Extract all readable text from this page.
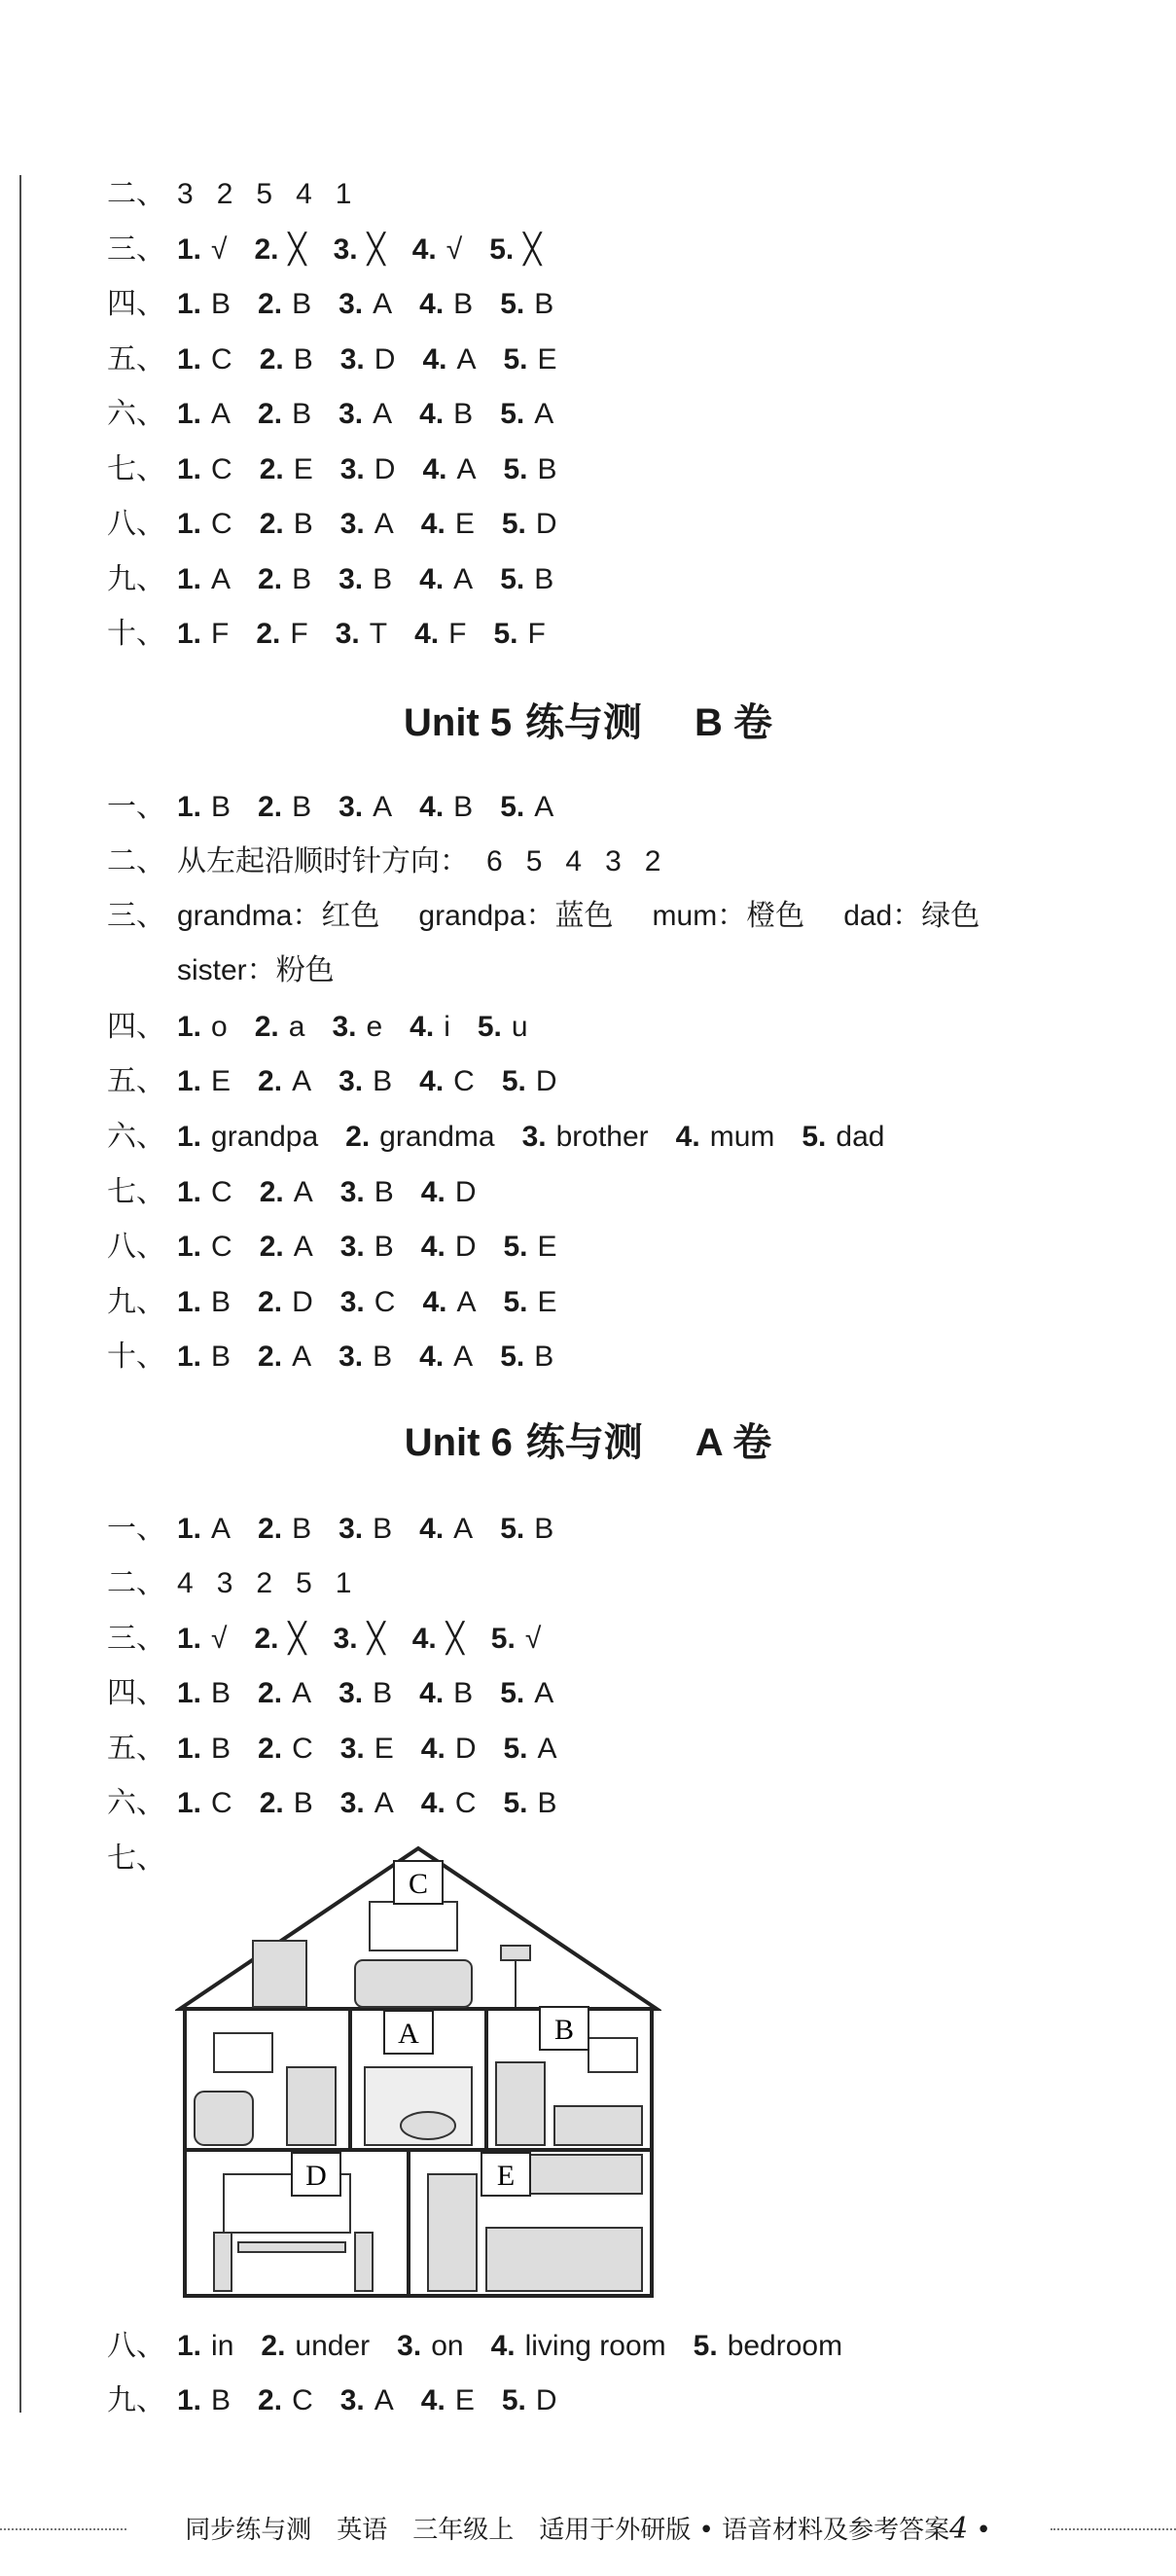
二、 3 2 5 4 1
三、 1. √ 2. ╳ 3. ╳ 4. √ 5. ╳
四、 1. B 2. B 3. A 4. B 5. B
五、 1. C 2. B 3. D 4. A 5. E
六、 1. A 2. B 3. A 4. B 5. A
七、 1. C 2. E 3. D 4. A 5. B
八、 1. C 2. B 3. A 4. E 5. D
九、 1. A 2. B 3. B 4. A 5. B
十、 1. F 2. F 3. T 4. F 5. F
Unit 5 练与测　 B 卷
一、 1. B 2. B 3. A 4. B 5. A
二、 从左起沿顺时针方向： 6 5 4 3 2
三、 grandma：红色 grandpa：蓝色 mum：橙色 dad：绿色
sister：粉色
四、 1. o 2. a 3. e 4. i 5. u
五、 1. E 2. A 3. B 4. C 5. D
六、 1. grandpa 2. grandma 3. brother 4. mum 5. dad
七、 1. C 2. A 3. B 4. D
八、 1. C 2. A 3. B 4. D 5. E
九、 1. B 2. D 3. C 4. A 5. E
十、 1. B 2. A 3. B 4. A 5. B
Unit 6 练与测　 A 卷
一、 1. A 2. B 3. B 4. A 5. B
二、 4 3 2 5 1
三、 1. √ 2. ╳ 3. ╳ 4. ╳ 5. √
四、 1. B 2. A 3. B 4. B 5. A
五、 1. B 2. C 3. E 4. D 5. A
六、 1. C 2. B 3. A 4. C 5. B
七、
八、 1. in 2. under 3. on 4. living room 5. bedroom
九、 1. B 2. C 3. A 4. E 5. D
C
A	B
D	E
同步练与测　英语　三年级上　适用于外研版 • 语音材料及参考答案4 •
